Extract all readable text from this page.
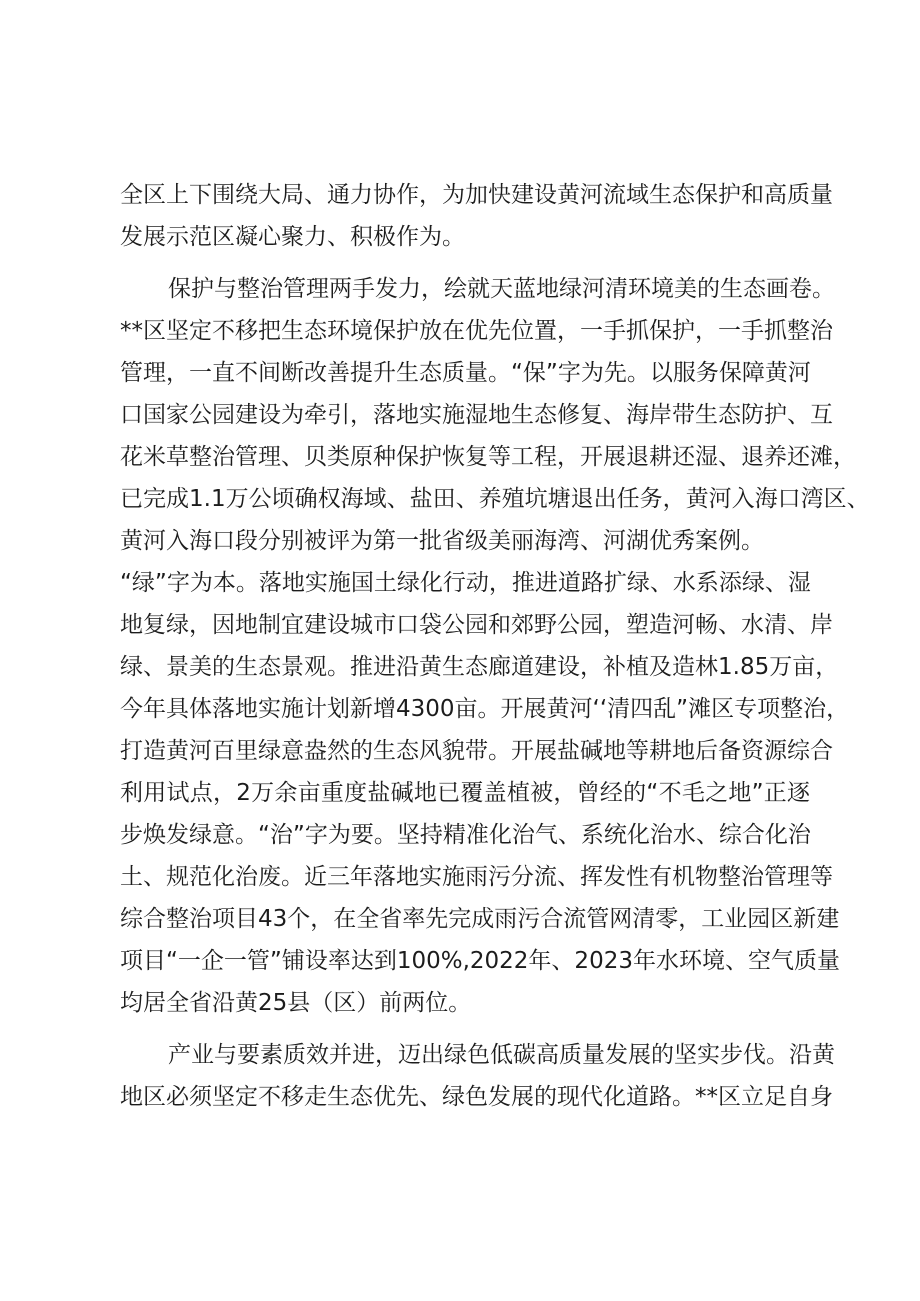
全区上下围绕大局、通力协作，为加快建设黄河流域生态保护和高质量
发展示范区凝心聚力、积极作为。
保护与整治管理两手发力，绘就天蓝地绿河清环境美的生态画卷。
**区坚定不移把生态环境保护放在优先位置，一手抓保护，一手抓整治
管理，一直不间断改善提升生态质量。“保”字为先。以服务保障黄河
口国家公园建设为牵引，落地实施湿地生态修复、海岸带生态防护、互
花米草整治管理、贝类原种保护恢复等工程，开展退耕还湿、退养还滩，
已完成1.1万公顷确权海域、盐田、养殖坑塘退出任务，黄河入海口湾区、
黄河入海口段分别被评为第一批省级美丽海湾、河湖优秀案例。
“绿”字为本。落地实施国土绿化行动，推进道路扩绿、水系添绿、湿
地复绿，因地制宜建设城市口袋公园和郊野公园，塑造河畅、水清、岸
绿、景美的生态景观。推进沿黄生态廊道建设，补植及造林1.85万亩，
今年具体落地实施计划新增4300亩。开展黄河‘‘清四乱”滩区专项整治，
打造黄河百里绿意盎然的生态风貌带。开展盐碱地等耕地后备资源综合
利用试点，2万余亩重度盐碱地已覆盖植被，曾经的“不毛之地”正逐
步焕发绿意。“治”字为要。坚持精准化治气、系统化治水、综合化治
土、规范化治废。近三年落地实施雨污分流、挥发性有机物整治管理等
综合整治项目43个，在全省率先完成雨污合流管网清零，工业园区新建
项目“一企一管”铺设率达到100%,2022年、2023年水环境、空气质量
均居全省沿黄25县（区）前两位。
产业与要素质效并进，迈出绿色低碳高质量发展的坚实步伐。沿黄
地区必须坚定不移走生态优先、绿色发展的现代化道路。**区立足自身
